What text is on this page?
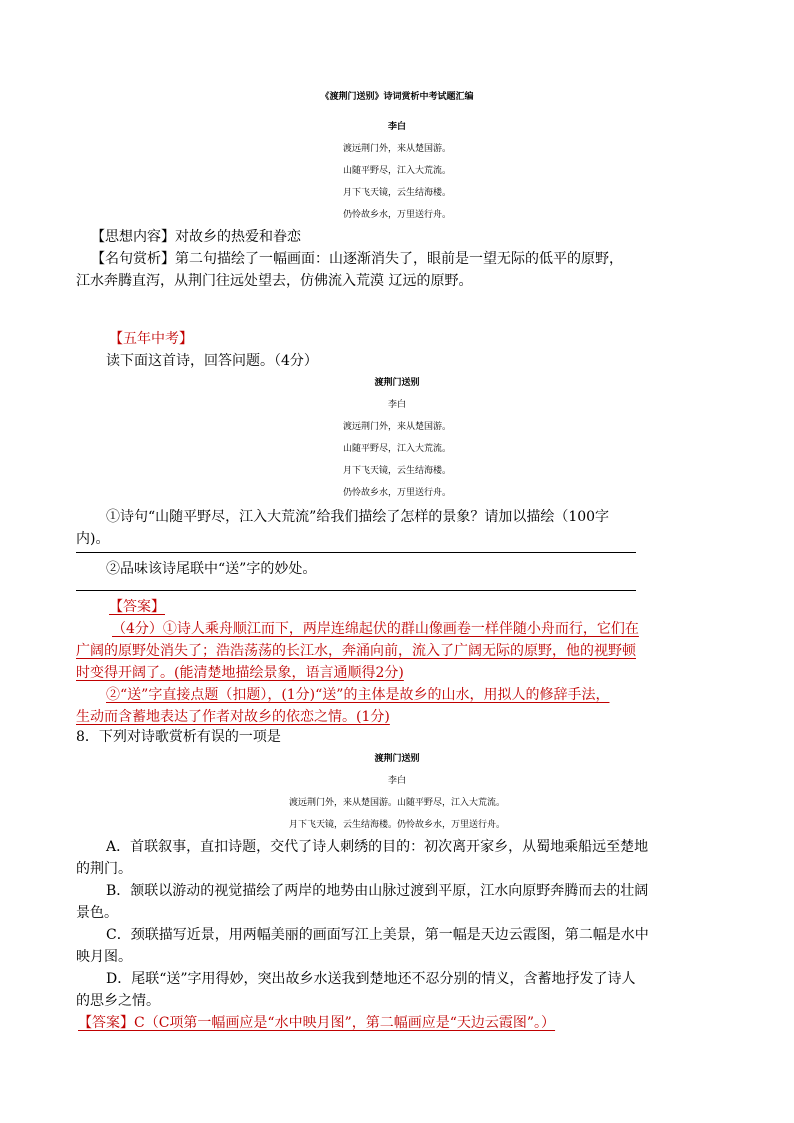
《渡荆门送别》诗词赏析中考试题汇编
李白
渡远荆门外，来从楚国游。
山随平野尽，江入大荒流。
月下飞天镜，云生结海楼。
仍怜故乡水，万里送行舟。
【思想内容】对故乡的热爱和眷恋
【名句赏析】第二句描绘了一幅画面：山逐渐消失了，眼前是一望无际的低平的原野，
江水奔腾直泻，从荆门往远处望去，仿佛流入荒漠 辽远的原野。
【五年中考】
读下面这首诗，回答问题。（4分）
渡荆门送别
李白
渡远荆门外，来从楚国游。
山随平野尽，江入大荒流。
月下飞天镜，云生结海楼。
仍怜故乡水，万里送行舟。
①诗句“山随平野尽，江入大荒流”给我们描绘了怎样的景象？请加以描绘（100字
内)。
②品味该诗尾联中“送”字的妙处。
【答案】
（4分）①诗人乘舟顺江而下，两岸连绵起伏的群山像画卷一样伴随小舟而行，它们在
广阔的原野处消失了；浩浩荡荡的长江水，奔涌向前，流入了广阔无际的原野，他的视野顿
时变得开阔了。(能清楚地描绘景象，语言通顺得2分)
②“送”字直接点题（扣题），(1分)“送”的主体是故乡的山水，用拟人的修辞手法，
生动而含蓄地表达了作者对故乡的依恋之情。(1分)
8．下列对诗歌赏析有误的一项是
渡荆门送别
李白
渡远荆门外，来从楚国游。山随平野尽，江入大荒流。
月下飞天镜，云生结海楼。仍怜故乡水，万里送行舟。
A．首联叙事，直扣诗题，交代了诗人刺绣的目的：初次离开家乡，从蜀地乘船远至楚地
的荆门。
B．颔联以游动的视觉描绘了两岸的地势由山脉过渡到平原，江水向原野奔腾而去的壮阔
景色。
C．颈联描写近景，用两幅美丽的画面写江上美景，第一幅是天边云霞图，第二幅是水中
映月图。
D．尾联“送”字用得妙，突出故乡水送我到楚地还不忍分别的情义，含蓄地抒发了诗人
的思乡之情。
【答案】C（C项第一幅画应是“水中映月图”，第二幅画应是“天边云霞图”。）
